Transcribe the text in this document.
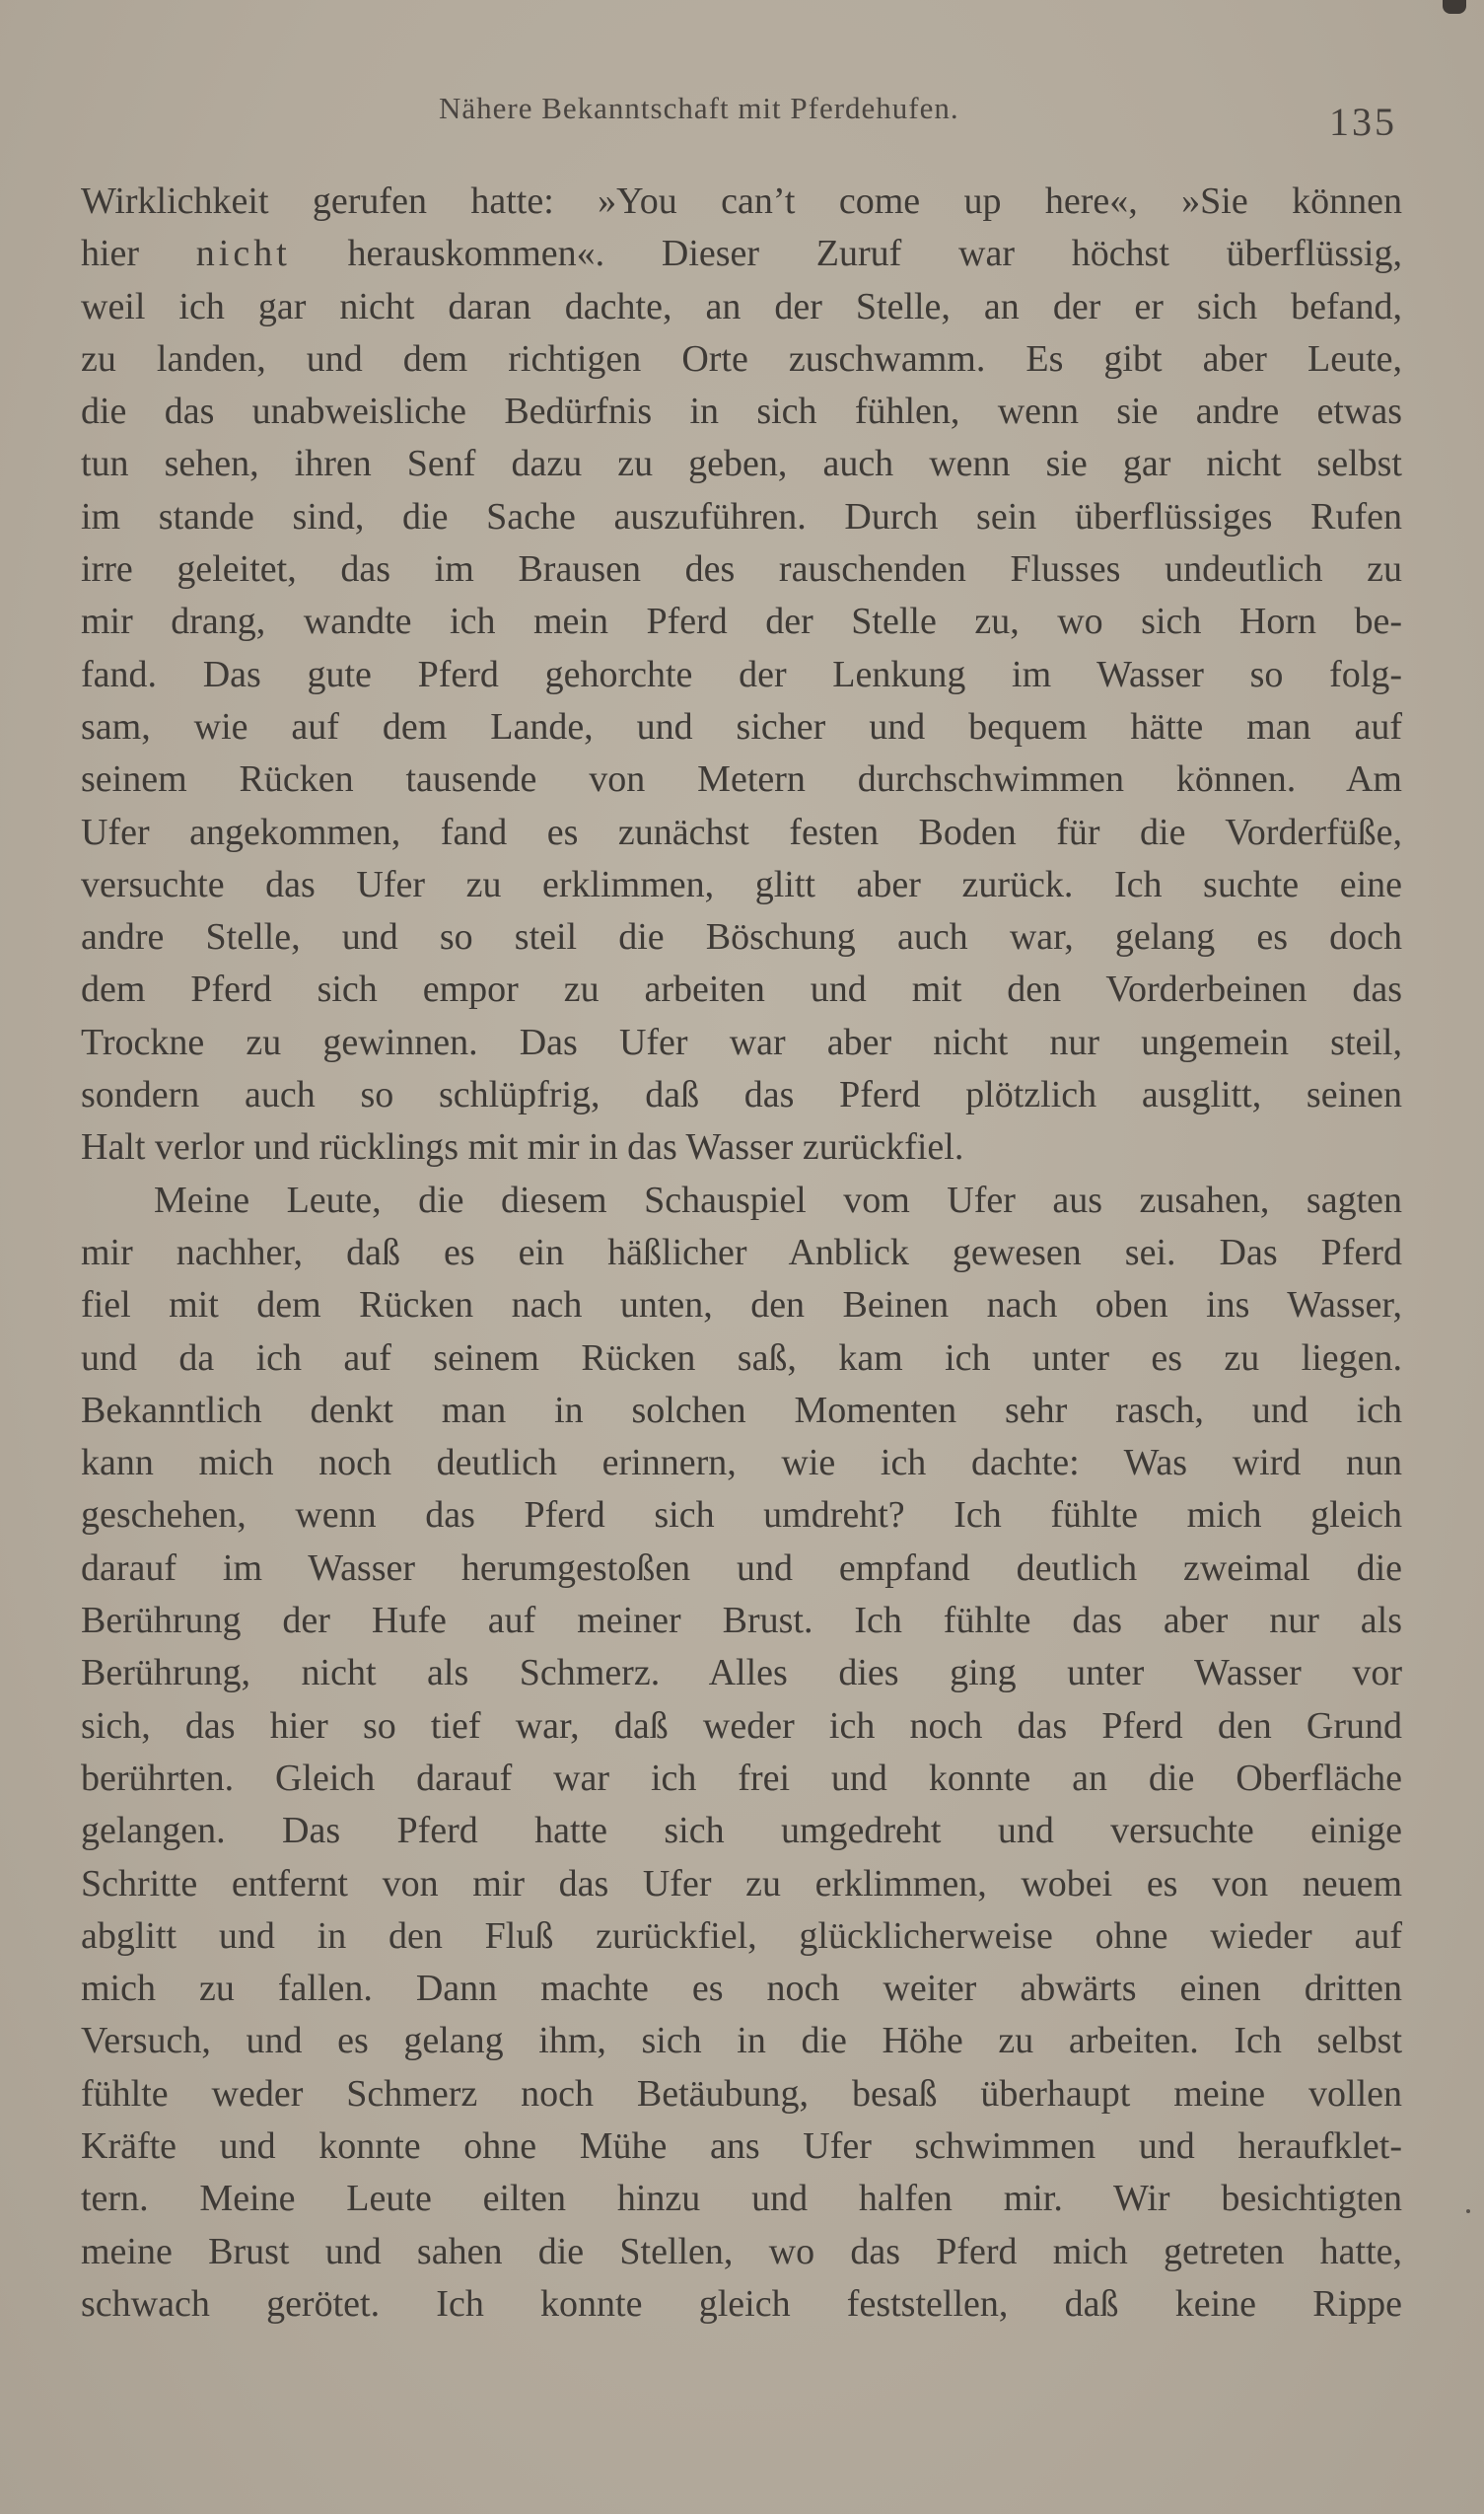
Nähere Bekanntschaft mit Pferdehufen.	135
Wirklichkeit gerufen hatte: »You can’t come up here«, »Sie können
hier nicht herauskommen«. Dieser Zuruf war höchst überflüssig,
weil ich gar nicht daran dachte, an der Stelle, an der er sich befand,
zu landen, und dem richtigen Orte zuschwamm. Es gibt aber Leute,
die das unabweisliche Bedürfnis in sich fühlen, wenn sie andre etwas
tun sehen, ihren Senf dazu zu geben, auch wenn sie gar nicht selbst
im stande sind, die Sache auszuführen. Durch sein überflüssiges Rufen
irre geleitet, das im Brausen des rauschenden Flusses undeutlich zu
mir drang, wandte ich mein Pferd der Stelle zu, wo sich Horn be-
fand. Das gute Pferd gehorchte der Lenkung im Wasser so folg-
sam, wie auf dem Lande, und sicher und bequem hätte man auf
seinem Rücken tausende von Metern durchschwimmen können. Am
Ufer angekommen, fand es zunächst festen Boden für die Vorderfüße,
versuchte das Ufer zu erklimmen, glitt aber zurück. Ich suchte eine
andre Stelle, und so steil die Böschung auch war, gelang es doch
dem Pferd sich empor zu arbeiten und mit den Vorderbeinen das
Trockne zu gewinnen. Das Ufer war aber nicht nur ungemein steil,
sondern auch so schlüpfrig, daß das Pferd plötzlich ausglitt, seinen
Halt verlor und rücklings mit mir in das Wasser zurückfiel.
Meine Leute, die diesem Schauspiel vom Ufer aus zusahen, sagten
mir nachher, daß es ein häßlicher Anblick gewesen sei. Das Pferd
fiel mit dem Rücken nach unten, den Beinen nach oben ins Wasser,
und da ich auf seinem Rücken saß, kam ich unter es zu liegen.
Bekanntlich denkt man in solchen Momenten sehr rasch, und ich
kann mich noch deutlich erinnern, wie ich dachte: Was wird nun
geschehen, wenn das Pferd sich umdreht? Ich fühlte mich gleich
darauf im Wasser herumgestoßen und empfand deutlich zweimal die
Berührung der Hufe auf meiner Brust. Ich fühlte das aber nur als
Berührung, nicht als Schmerz. Alles dies ging unter Wasser vor
sich, das hier so tief war, daß weder ich noch das Pferd den Grund
berührten. Gleich darauf war ich frei und konnte an die Oberfläche
gelangen. Das Pferd hatte sich umgedreht und versuchte einige
Schritte entfernt von mir das Ufer zu erklimmen, wobei es von neuem
abglitt und in den Fluß zurückfiel, glücklicherweise ohne wieder auf
mich zu fallen. Dann machte es noch weiter abwärts einen dritten
Versuch, und es gelang ihm, sich in die Höhe zu arbeiten. Ich selbst
fühlte weder Schmerz noch Betäubung, besaß überhaupt meine vollen
Kräfte und konnte ohne Mühe ans Ufer schwimmen und heraufklet-
tern. Meine Leute eilten hinzu und halfen mir. Wir besichtigten
meine Brust und sahen die Stellen, wo das Pferd mich getreten hatte,
schwach gerötet. Ich konnte gleich feststellen, daß keine Rippe
